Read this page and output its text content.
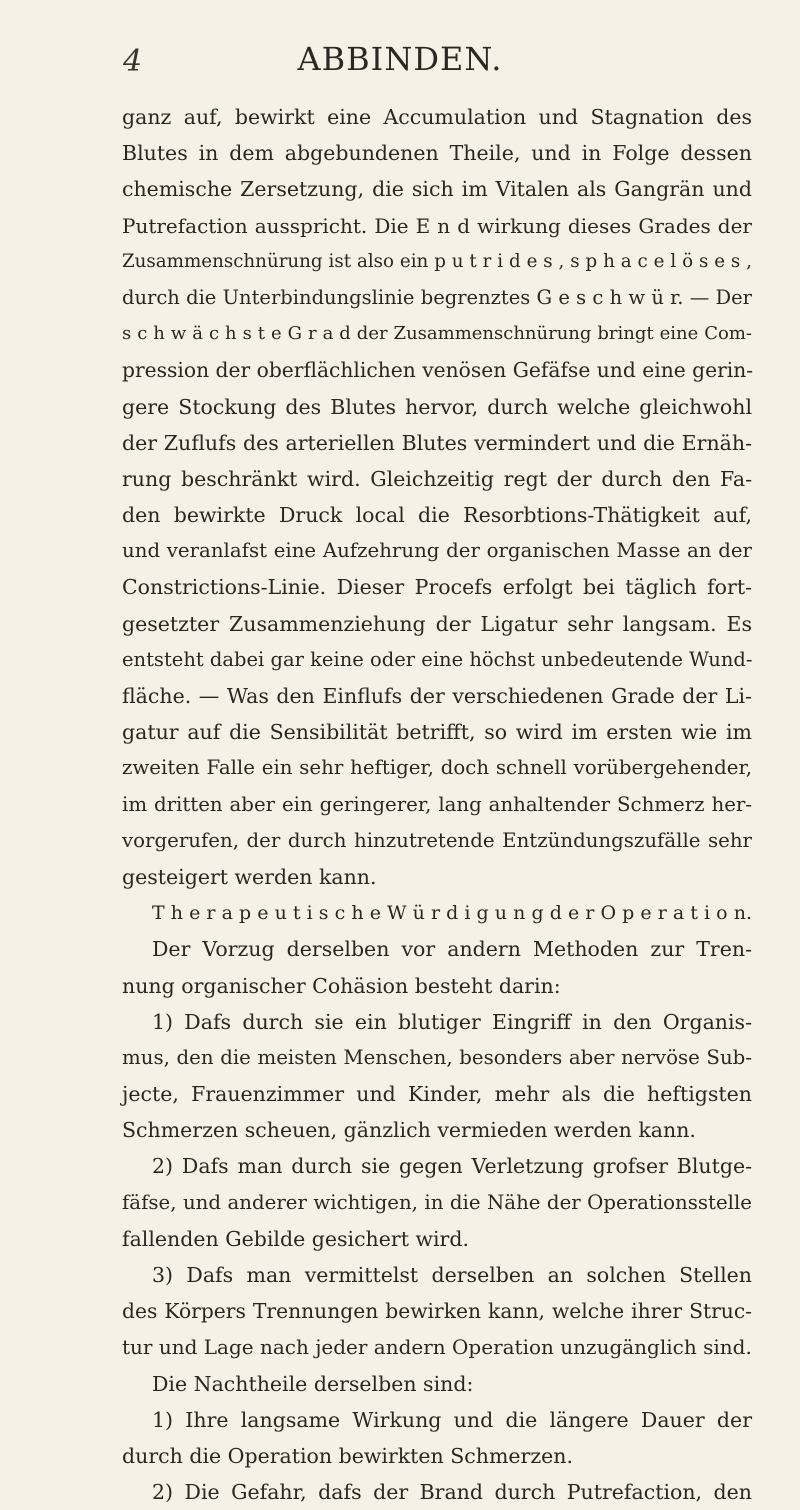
4	ABBINDEN.
ganz auf, bewirkt eine Accumulation und Stagnation des
Blutes in dem abgebundenen Theile, und in Folge dessen
chemische Zersetzung, die sich im Vitalen als Gangrän und
Putrefaction ausspricht. Die E n d wirkung dieses Grades der
Zusammenschnürung ist also ein p u t r i d e s , s p h a c e l ö s e s ,
durch die Unterbindungslinie begrenztes G e s c h w ü r. — Der
s c h w ä c h s t e G r a d der Zusammenschnürung bringt eine Com-
pression der oberflächlichen venösen Gefäfse und eine gerin-
gere Stockung des Blutes hervor, durch welche gleichwohl
der Zuflufs des arteriellen Blutes vermindert und die Ernäh-
rung beschränkt wird. Gleichzeitig regt der durch den Fa-
den bewirkte Druck local die Resorbtions-Thätigkeit auf,
und veranlafst eine Aufzehrung der organischen Masse an der
Constrictions-Linie. Dieser Procefs erfolgt bei täglich fort-
gesetzter Zusammenziehung der Ligatur sehr langsam. Es
entsteht dabei gar keine oder eine höchst unbedeutende Wund-
fläche. — Was den Einflufs der verschiedenen Grade der Li-
gatur auf die Sensibilität betrifft, so wird im ersten wie im
zweiten Falle ein sehr heftiger, doch schnell vorübergehender,
im dritten aber ein geringerer, lang anhaltender Schmerz her-
vorgerufen, der durch hinzutretende Entzündungszufälle sehr
gesteigert werden kann.
T h e r a p e u t i s c h e W ü r d i g u n g d e r O p e r a t i o n.
Der Vorzug derselben vor andern Methoden zur Tren-
nung organischer Cohäsion besteht darin:
1) Dafs durch sie ein blutiger Eingriff in den Organis-
mus, den die meisten Menschen, besonders aber nervöse Sub-
jecte, Frauenzimmer und Kinder, mehr als die heftigsten
Schmerzen scheuen, gänzlich vermieden werden kann.
2) Dafs man durch sie gegen Verletzung grofser Blutge-
fäfse, und anderer wichtigen, in die Nähe der Operationsstelle
fallenden Gebilde gesichert wird.
3) Dafs man vermittelst derselben an solchen Stellen
des Körpers Trennungen bewirken kann, welche ihrer Struc-
tur und Lage nach jeder andern Operation unzugänglich sind.
Die Nachtheile derselben sind:
1) Ihre langsame Wirkung und die längere Dauer der
durch die Operation bewirkten Schmerzen.
2) Die Gefahr, dafs der Brand durch Putrefaction, den
